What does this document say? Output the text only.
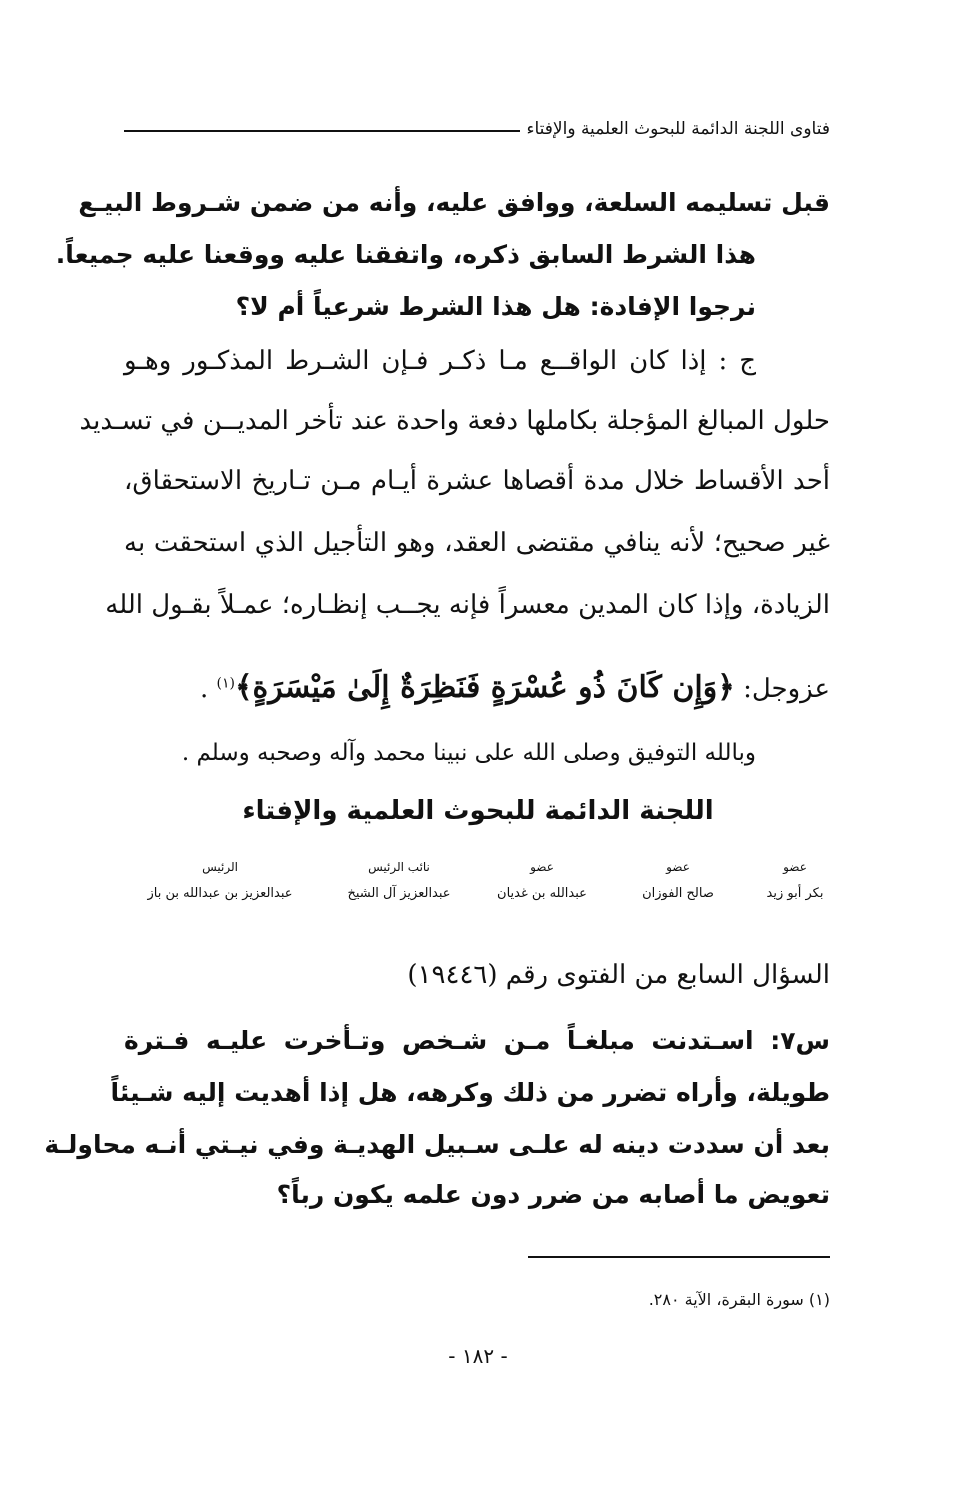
فتاوى اللجنة الدائمة للبحوث العلمية والإفتاء
قبل تسليمه السلعة، ووافق عليه، وأنه من ضمن شـروط البيـع
هذا الشرط السابق ذكره، واتفقنا عليه ووقعنا عليه جميعاً.
نرجوا الإفادة: هل هذا الشرط شرعياً أم لا؟
ج : إذا كان الواقــع مـا ذكـر فـإن الشـرط المذكـور وهـو
حلول المبالغ المؤجلة بكاملها دفعة واحدة عند تأخر المديــن في تسـديد
أحد الأقساط خلال مدة أقصاها عشرة أيـام مـن تـاريخ الاستحقاق،
غير صحيح؛ لأنه ينافي مقتضى العقد، وهو التأجيل الذي استحقت به
الزيادة، وإذا كان المدين معسراً فإنه يجــب إنظـاره؛ عمـلاً بقـول الله
عزوجل: ﴿وَإِن كَانَ ذُو عُسْرَةٍ فَنَظِرَةٌ إِلَىٰ مَيْسَرَةٍ﴾$^{(١)}$ .
وبالله التوفيق وصلى الله على نبينا محمد وآله وصحبه وسلم .
اللجنة الدائمة للبحوث العلمية والإفتاء
عضو
بكر أبو زيد
عضو
صالح الفوزان
عضو
عبدالله بن غديان
نائب الرئيس
عبدالعزيز آل الشيخ
الرئيس
عبدالعزيز بن عبدالله بن باز
السؤال السابع من الفتوى رقم (١٩٤٤٦)
س٧: اسـتدنت مبلغـاً مـن شـخص وتـأخرت عليـه فـترة
طويلة، وأراه تضرر من ذلك وكرهه، هل إذا أهديت إليه شـيئاً
بعد أن سددت دينه له علـى سـبيل الهديـة وفي نيـتي أنـه محاولـة
تعويض ما أصابه من ضرر دون علمه يكون رباً؟
(١) سورة البقرة، الآية ٢٨٠.
- ١٨٢ -
